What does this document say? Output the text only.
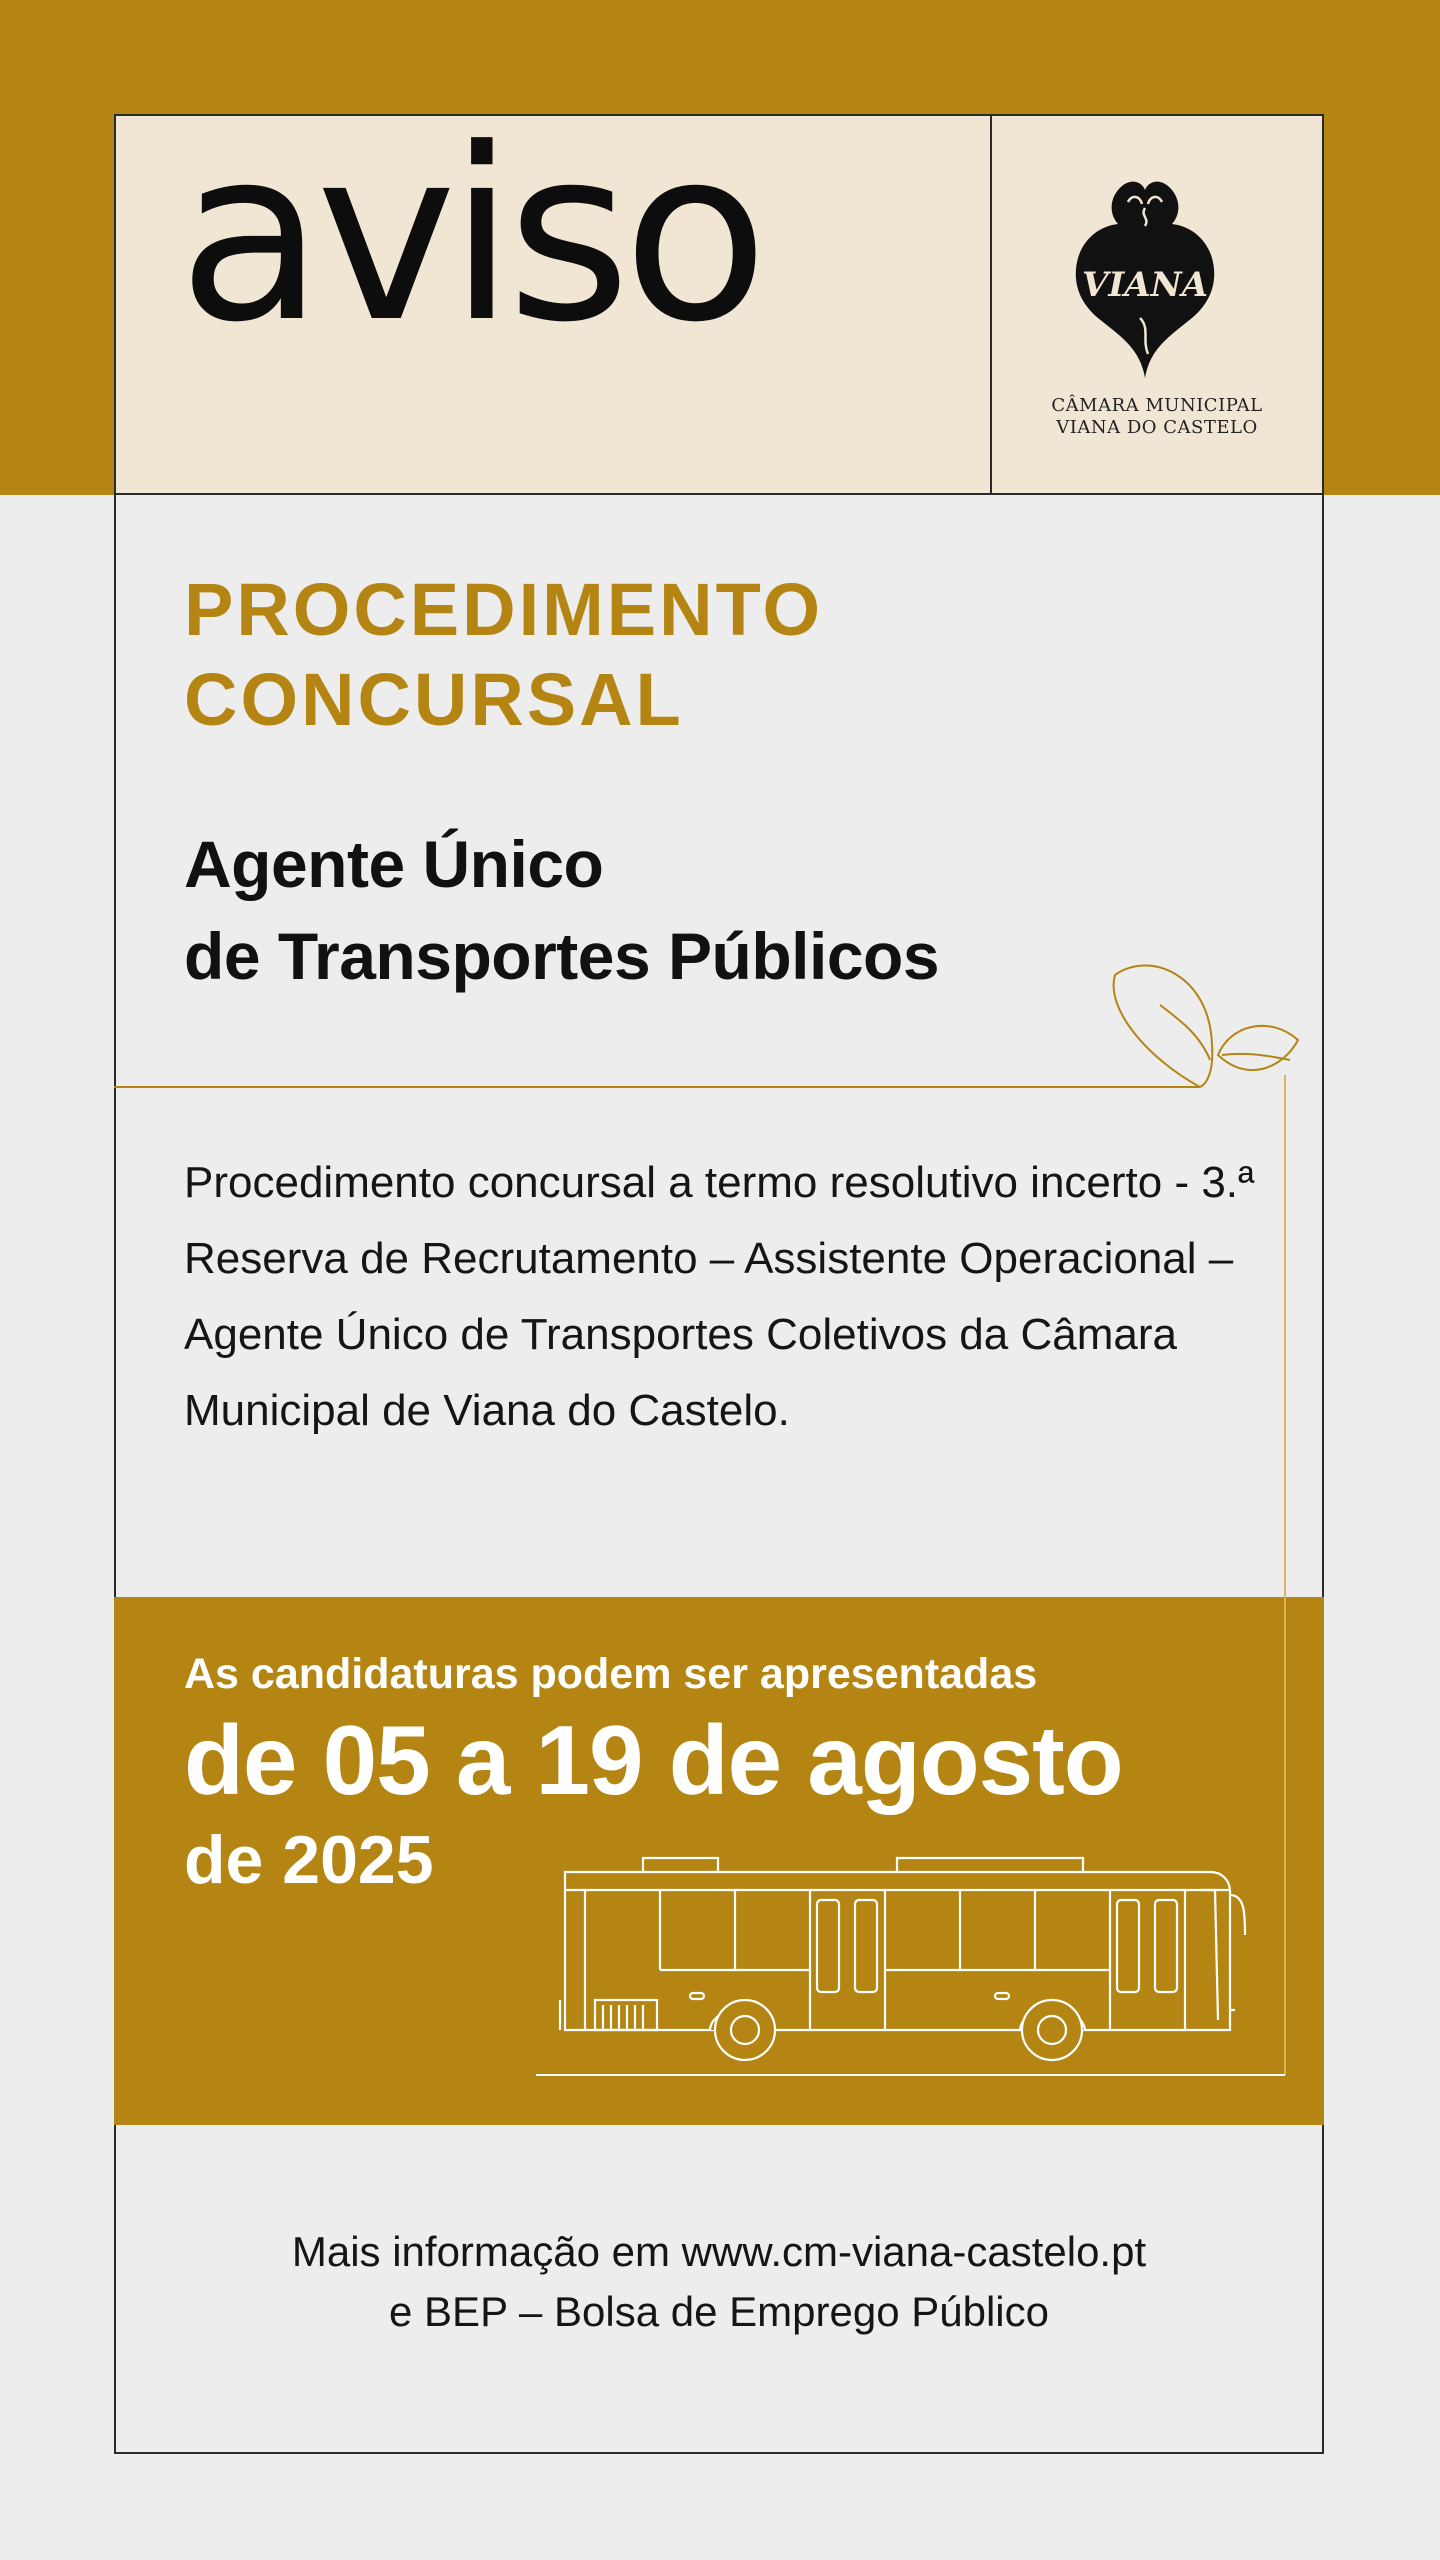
aviso	VIANA
CÂMARA MUNICIPAL
VIANA DO CASTELO
PROCEDIMENTO
CONCURSAL
Agente Único
de Transportes Públicos
Procedimento concursal a termo resolutivo incerto - 3.ª Reserva de Recrutamento – Assistente Operacional – Agente Único de Transportes Coletivos da Câmara Municipal de Viana do Castelo.
As candidaturas podem ser apresentadas
de 05 a 19 de agosto
de 2025
Mais informação em www.cm-viana-castelo.pt
e BEP – Bolsa de Emprego Público
